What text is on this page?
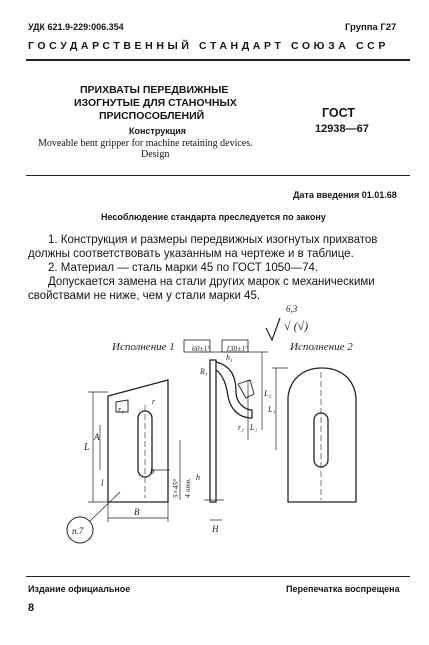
УДК 621.9-229:006.354	Группа Г27
ГОСУДАРСТВЕННЫЙ СТАНДАРТ СОЮЗА ССР
ПРИХВАТЫ ПЕРЕДВИЖНЫЕ
ИЗОГНУТЫЕ ДЛЯ СТАНОЧНЫХ
ПРИСПОСОБЛЕНИЙ
Конструкция
Moveable bent gripper for machine retaining devices.
Design
ГОСТ
12938—67
Дата введения 01.01.68
Несоблюдение стандарта преследуется по закону
1. Конструкция и размеры передвижных изогнутых прихватов
должны соответствовать указанным на чертеже и в таблице.
2. Материал — сталь марки 45 по ГОСТ 1050—74.
Допускается замена на стали других марок с механическими
свойствами не ниже, чем у стали марки 45.
Исполнение 1	Исполнение 2
√ (√)
6,3
п.7
L
A
l
b
B
H
h₁
L₁
L₂
L₃
r₁
r
r₂
R₁
60±1° 130±1°
5×45° 4 отв.
h
Издание официальное	Перепечатка воспрещена
8
